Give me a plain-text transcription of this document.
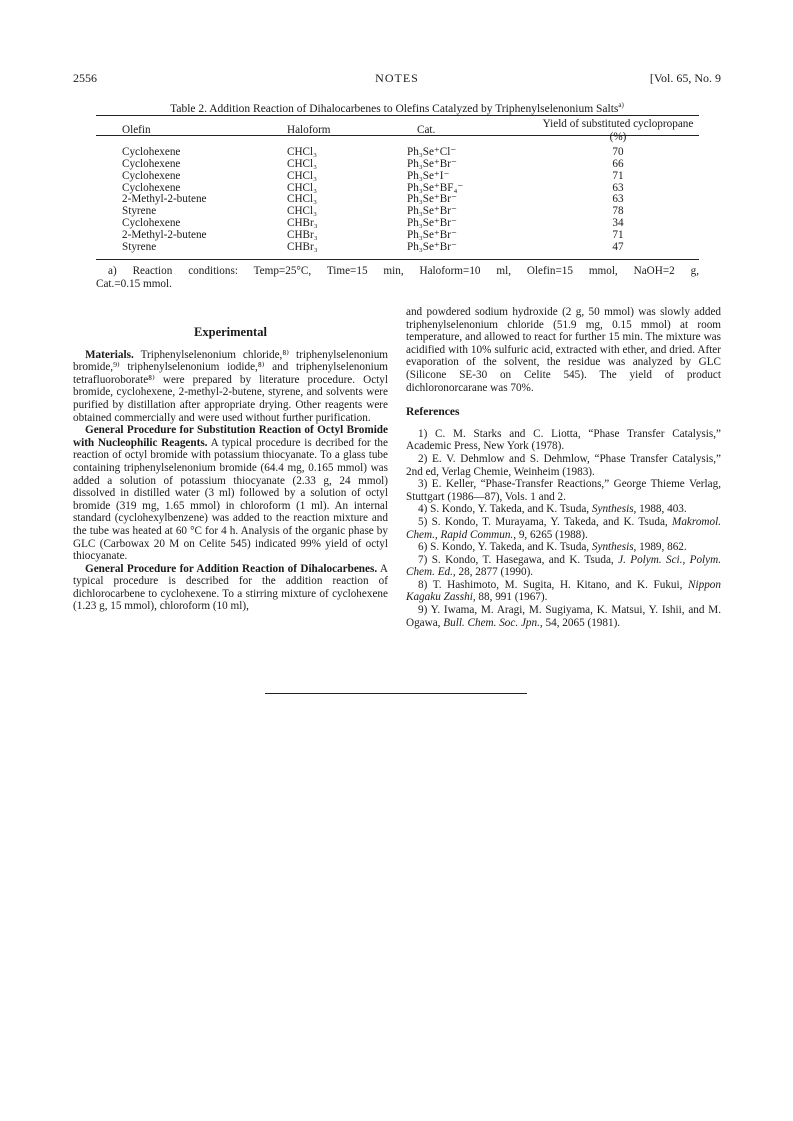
2556	NOTES	[Vol. 65, No. 9
Table 2. Addition Reaction of Dihalocarbenes to Olefins Catalyzed by Triphenylselenonium Salts$^{a)}$
Olefin	Haloform	Cat.	Yield of substituted cyclopropane (%)
Cyclohexene	CHCl₃	Ph₃Se⁺Cl⁻	70
Cyclohexene	CHCl₃	Ph₃Se⁺Br⁻	66
Cyclohexene	CHCl₃	Ph₃Se⁺I⁻	71
Cyclohexene	CHCl₃	Ph₃Se⁺BF₄⁻	63
2-Methyl-2-butene	CHCl₃	Ph₃Se⁺Br⁻	63
Styrene	CHCl₃	Ph₃Se⁺Br⁻	78
Cyclohexene	CHBr₃	Ph₃Se⁺Br⁻	34
2-Methyl-2-butene	CHBr₃	Ph₃Se⁺Br⁻	71
Styrene	CHBr₃	Ph₃Se⁺Br⁻	47
a) Reaction conditions: Temp=25°C, Time=15 min, Haloform=10 ml, Olefin=15 mmol, NaOH=2 g,
Cat.=0.15 mmol.
Experimental

Materials. Triphenylselenonium chloride,⁸⁾ triphenylselenonium bromide,⁹⁾ triphenylselenonium iodide,⁸⁾ and triphenylselenonium tetrafluoroborate⁸⁾ were prepared by literature procedure. Octyl bromide, cyclohexene, 2-methyl-2-butene, styrene, and solvents were purified by distillation after appropriate drying. Other reagents were obtained commercially and were used without further purification.

General Procedure for Substitution Reaction of Octyl Bromide with Nucleophilic Reagents. A typical procedure is decribed for the reaction of octyl bromide with potassium thiocyanate. To a glass tube containing triphenylselenonium bromide (64.4 mg, 0.165 mmol) was added a solution of potassium thiocyanate (2.33 g, 24 mmol) dissolved in distilled water (3 ml) followed by a solution of octyl bromide (319 mg, 1.65 mmol) in chloroform (1 ml). An internal standard (cyclohexylbenzene) was added to the reaction mixture and the tube was heated at 60 °C for 4 h. Analysis of the organic phase by GLC (Carbowax 20 M on Celite 545) indicated 99% yield of octyl thiocyanate.

General Procedure for Addition Reaction of Dihalocarbenes. A typical procedure is described for the addition reaction of dichlorocarbene to cyclohexene. To a stirring mixture of cyclohexene (1.23 g, 15 mmol), chloroform (10 ml),

and powdered sodium hydroxide (2 g, 50 mmol) was slowly added triphenylselenonium chloride (51.9 mg, 0.15 mmol) at room temperature, and allowed to react for further 15 min. The mixture was acidified with 10% sulfuric acid, extracted with ether, and dried. After evaporation of the solvent, the residue was analyzed by GLC (Silicone SE-30 on Celite 545). The yield of product dichloronorcarane was 70%.

References

1) C. M. Starks and C. Liotta, “Phase Transfer Catalysis,” Academic Press, New York (1978).

2) E. V. Dehmlow and S. Dehmlow, “Phase Transfer Catalysis,” 2nd ed, Verlag Chemie, Weinheim (1983).

3) E. Keller, “Phase-Transfer Reactions,” George Thieme Verlag, Stuttgart (1986—87), Vols. 1 and 2.

4) S. Kondo, Y. Takeda, and K. Tsuda, Synthesis, 1988, 403.

5) S. Kondo, T. Murayama, Y. Takeda, and K. Tsuda, Makromol. Chem., Rapid Commun., 9, 6265 (1988).

6) S. Kondo, Y. Takeda, and K. Tsuda, Synthesis, 1989, 862.

7) S. Kondo, T. Hasegawa, and K. Tsuda, J. Polym. Sci., Polym. Chem. Ed., 28, 2877 (1990).

8) T. Hashimoto, M. Sugita, H. Kitano, and K. Fukui, Nippon Kagaku Zasshi, 88, 991 (1967).

9) Y. Iwama, M. Aragi, M. Sugiyama, K. Matsui, Y. Ishii, and M. Ogawa, Bull. Chem. Soc. Jpn., 54, 2065 (1981).
